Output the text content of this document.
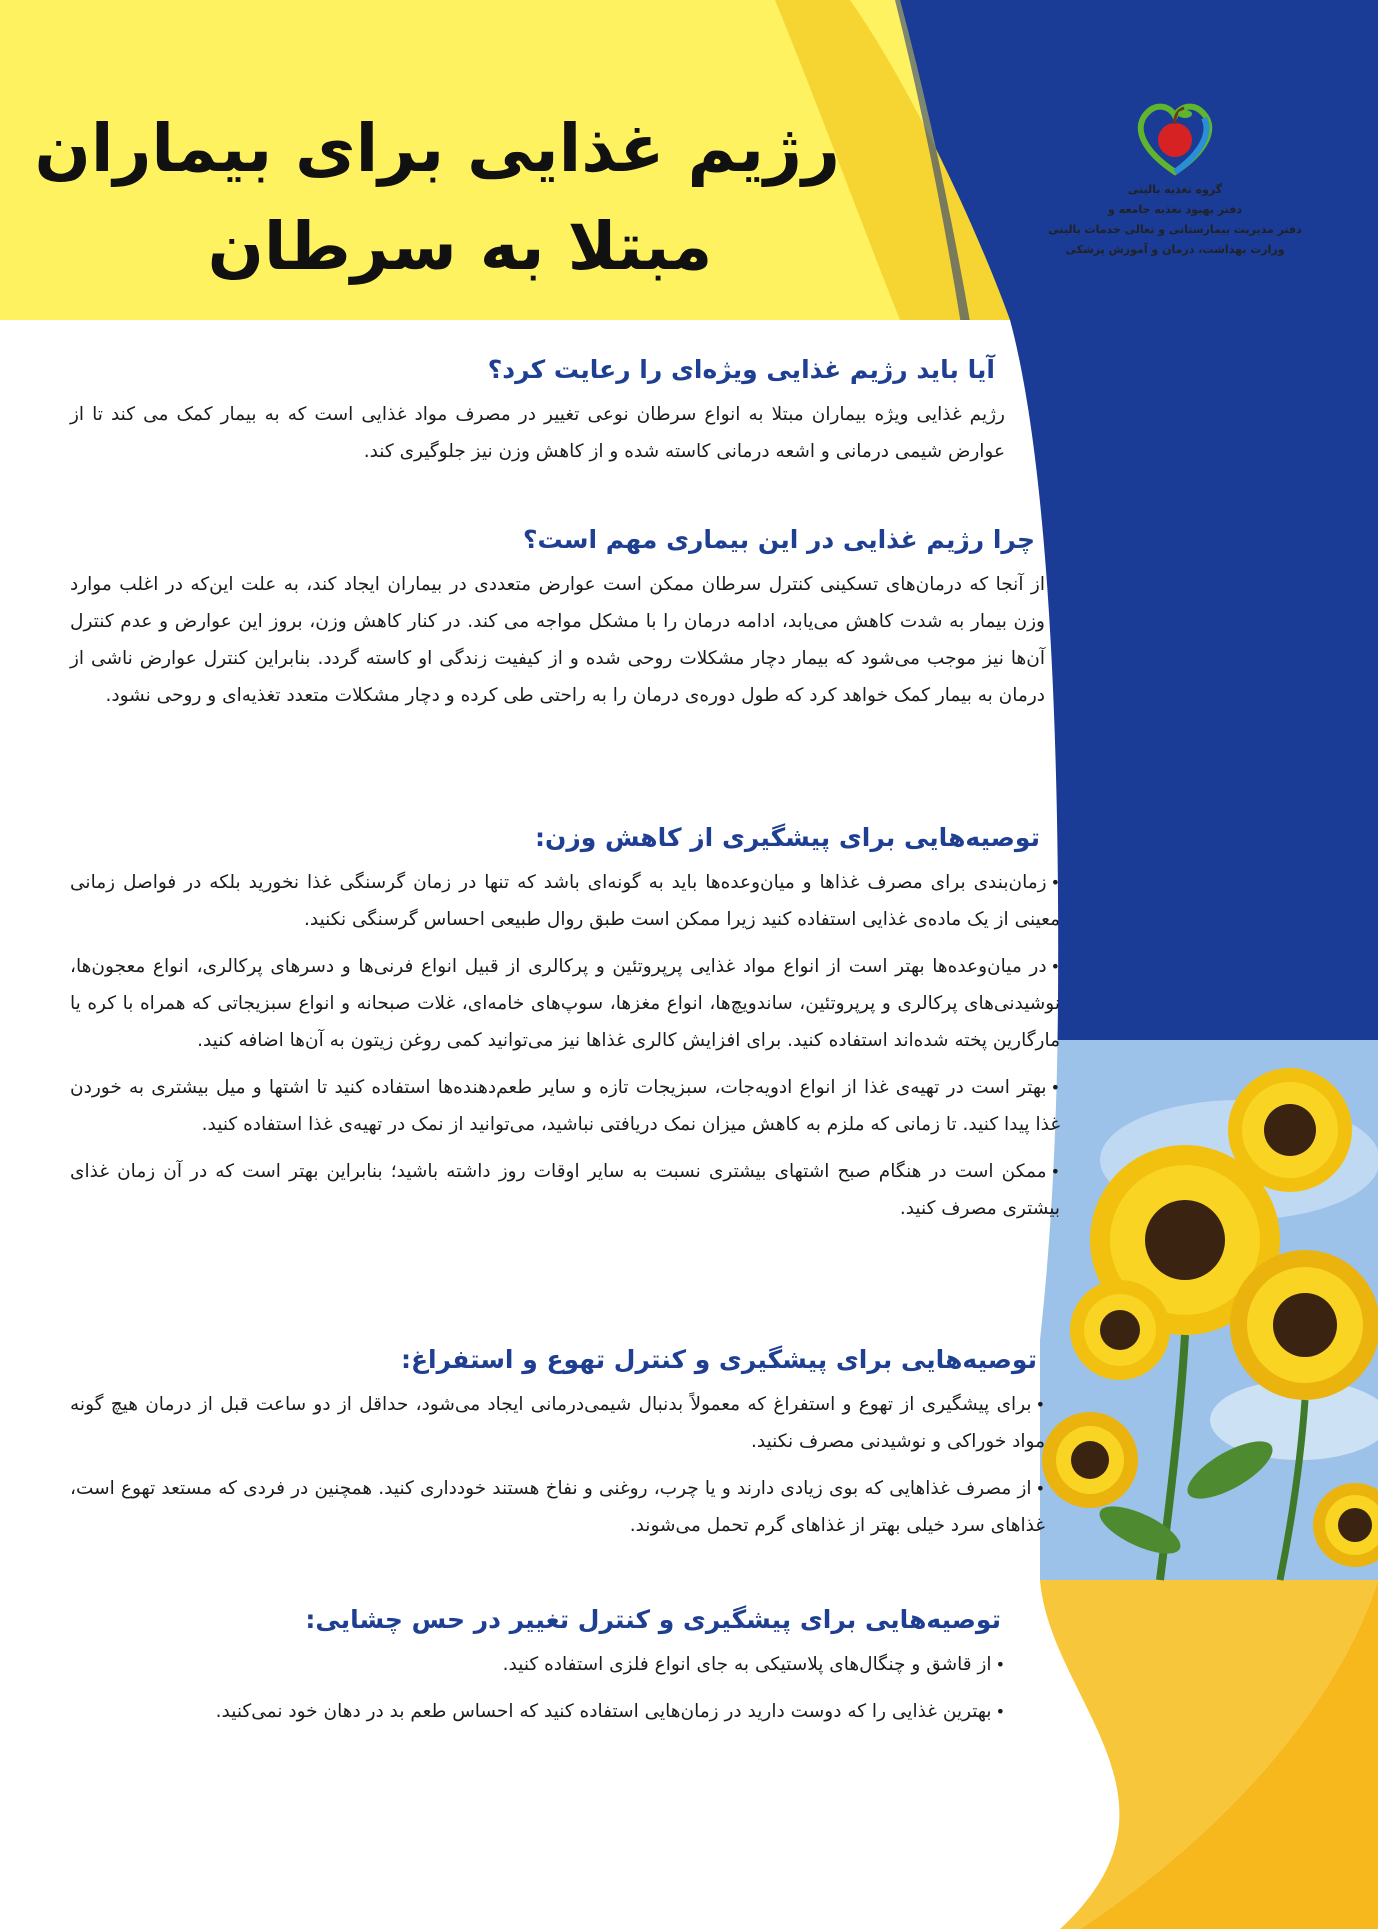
رژیم غذایی برای بیماران
مبتلا به سرطان
گروه تغذیه بالینی
دفتر بهبود تغذیه جامعه و
دفتر مدیریت بیمارستانی و تعالی خدمات بالینی
وزارت بهداشت، درمان و آموزش پزشکی
آیا باید رژیم غذایی ویژه‌ای را رعایت کرد؟

رژیم غذایی ویژه بیماران مبتلا به انواع سرطان نوعی تغییر در مصرف مواد غذایی است که به بیمار کمک می کند تا از عوارض شیمی درمانی و اشعه درمانی کاسته شده و از کاهش وزن نیز جلوگیری کند.

چرا رژیم غذایی در این بیماری مهم است؟

از آنجا که درمان‌های تسکینی کنترل سرطان ممکن است عوارض متعددی در بیماران ایجاد کند، به علت این‌که در اغلب موارد وزن بیمار به شدت کاهش می‌یابد، ادامه درمان را با مشکل مواجه می کند. در کنار کاهش وزن، بروز این عوارض و عدم کنترل آن‌ها نیز موجب می‌شود که بیمار دچار مشکلات روحی شده و از کیفیت زندگی او کاسته گردد. بنابراین کنترل عوارض ناشی از درمان به بیمار کمک خواهد کرد که طول دوره‌ی درمان را به راحتی طی کرده و دچار مشکلات متعدد تغذیه‌ای و روحی نشود.

توصیه‌هایی برای پیشگیری از کاهش وزن:

•زمان‌بندی برای مصرف غذاها و میان‌وعده‌ها باید به گونه‌ای باشد که تنها در زمان گرسنگی غذا نخورید بلکه در فواصل زمانی معینی از یک ماده‌ی غذایی استفاده کنید زیرا ممکن است طبق روال طبیعی احساس گرسنگی نکنید.

•در میان‌وعده‌ها بهتر است از انواع مواد غذایی پرپروتئین و پرکالری از قبیل انواع فرنی‌ها و دسرهای پرکالری، انواع معجون‌ها، نوشیدنی‌های پرکالری و پرپروتئین، ساندویچ‌ها، انواع مغزها، سوپ‌های خامه‌ای، غلات صبحانه و انواع سبزیجاتی که همراه با کره یا مارگارین پخته شده‌اند استفاده کنید. برای افزایش کالری غذاها نیز می‌توانید کمی روغن زیتون به آن‌ها اضافه کنید.

•بهتر است در تهیه‌ی غذا از انواع ادویه‌جات، سبزیجات تازه و سایر طعم‌دهنده‌ها استفاده کنید تا اشتها و میل بیشتری به خوردن غذا پیدا کنید. تا زمانی که ملزم به کاهش میزان نمک دریافتی نباشید، می‌توانید از نمک در تهیه‌ی غذا استفاده کنید.

•ممکن است در هنگام صبح اشتهای بیشتری نسبت به سایر اوقات روز داشته باشید؛ بنابراین بهتر است که در آن زمان غذای بیشتری مصرف کنید.

توصیه‌هایی برای پیشگیری و کنترل تهوع و استفراغ:

•برای پیشگیری از تهوع و استفراغ که معمولاً بدنبال شیمی‌درمانی ایجاد می‌شود، حداقل از دو ساعت قبل از درمان هیچ گونه مواد خوراکی و نوشیدنی مصرف نکنید.

•از مصرف غذاهایی که بوی زیادی دارند و یا چرب، روغنی و نفاخ هستند خودداری کنید. همچنین در فردی که مستعد تهوع است، غذاهای سرد خیلی بهتر از غذاهای گرم تحمل می‌شوند.

توصیه‌هایی برای پیشگیری و کنترل تغییر در حس چشایی:

•از قاشق و چنگال‌های پلاستیکی به جای انواع فلزی استفاده کنید.

•بهترین غذایی را که دوست دارید در زمان‌هایی استفاده کنید که احساس طعم بد در دهان خود نمی‌کنید.
